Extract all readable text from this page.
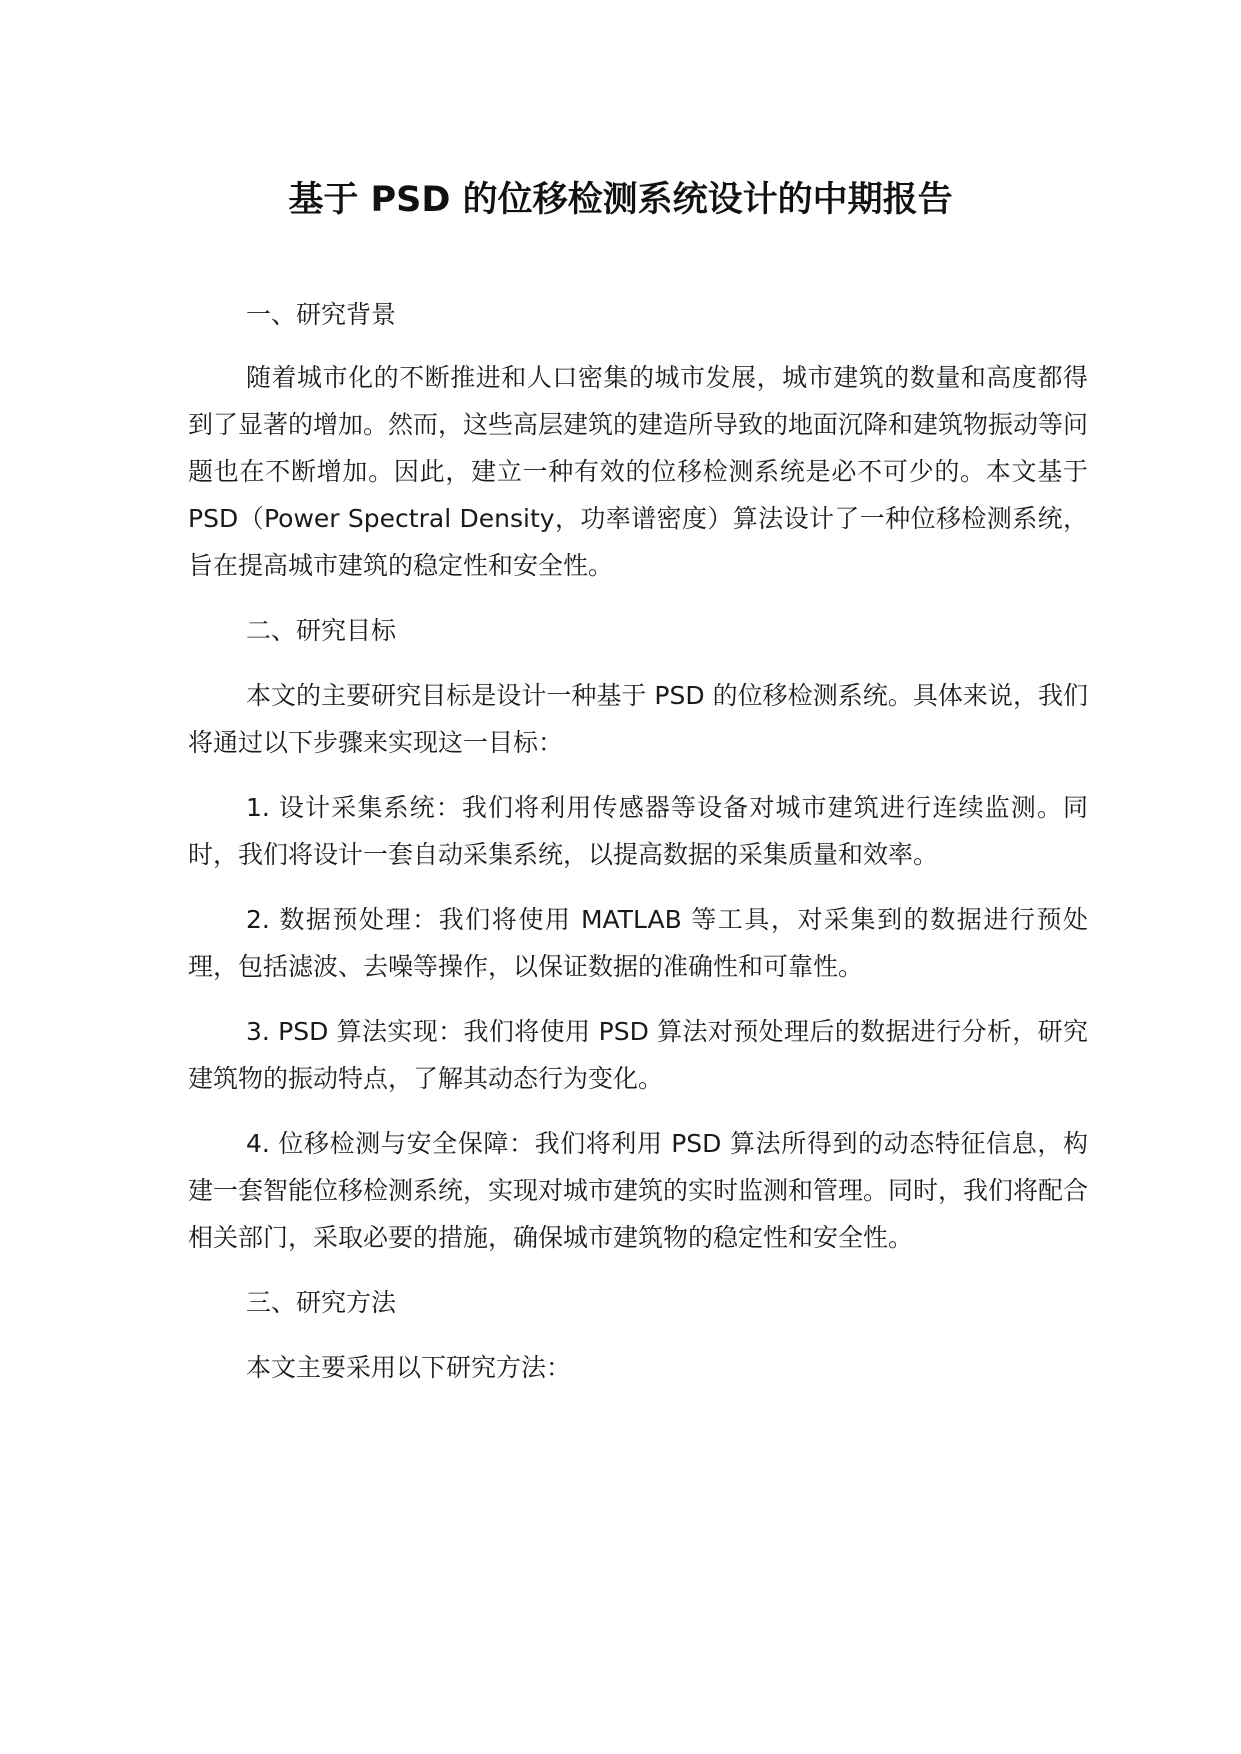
基于 PSD 的位移检测系统设计的中期报告

一、研究背景

随着城市化的不断推进和人口密集的城市发展，城市建筑的数量和高度都得到了显著的增加。然而，这些高层建筑的建造所导致的地面沉降和建筑物振动等问题也在不断增加。因此，建立一种有效的位移检测系统是必不可少的。本文基于 PSD（Power Spectral Density，功率谱密度）算法设计了一种位移检测系统，旨在提高城市建筑的稳定性和安全性。

二、研究目标

本文的主要研究目标是设计一种基于 PSD 的位移检测系统。具体来说，我们将通过以下步骤来实现这一目标：

1. 设计采集系统：我们将利用传感器等设备对城市建筑进行连续监测。同时，我们将设计一套自动采集系统，以提高数据的采集质量和效率。

2. 数据预处理：我们将使用 MATLAB 等工具，对采集到的数据进行预处理，包括滤波、去噪等操作，以保证数据的准确性和可靠性。

3. PSD 算法实现：我们将使用 PSD 算法对预处理后的数据进行分析，研究建筑物的振动特点，了解其动态行为变化。

4. 位移检测与安全保障：我们将利用 PSD 算法所得到的动态特征信息，构建一套智能位移检测系统，实现对城市建筑的实时监测和管理。同时，我们将配合相关部门，采取必要的措施，确保城市建筑物的稳定性和安全性。

三、研究方法

本文主要采用以下研究方法：
